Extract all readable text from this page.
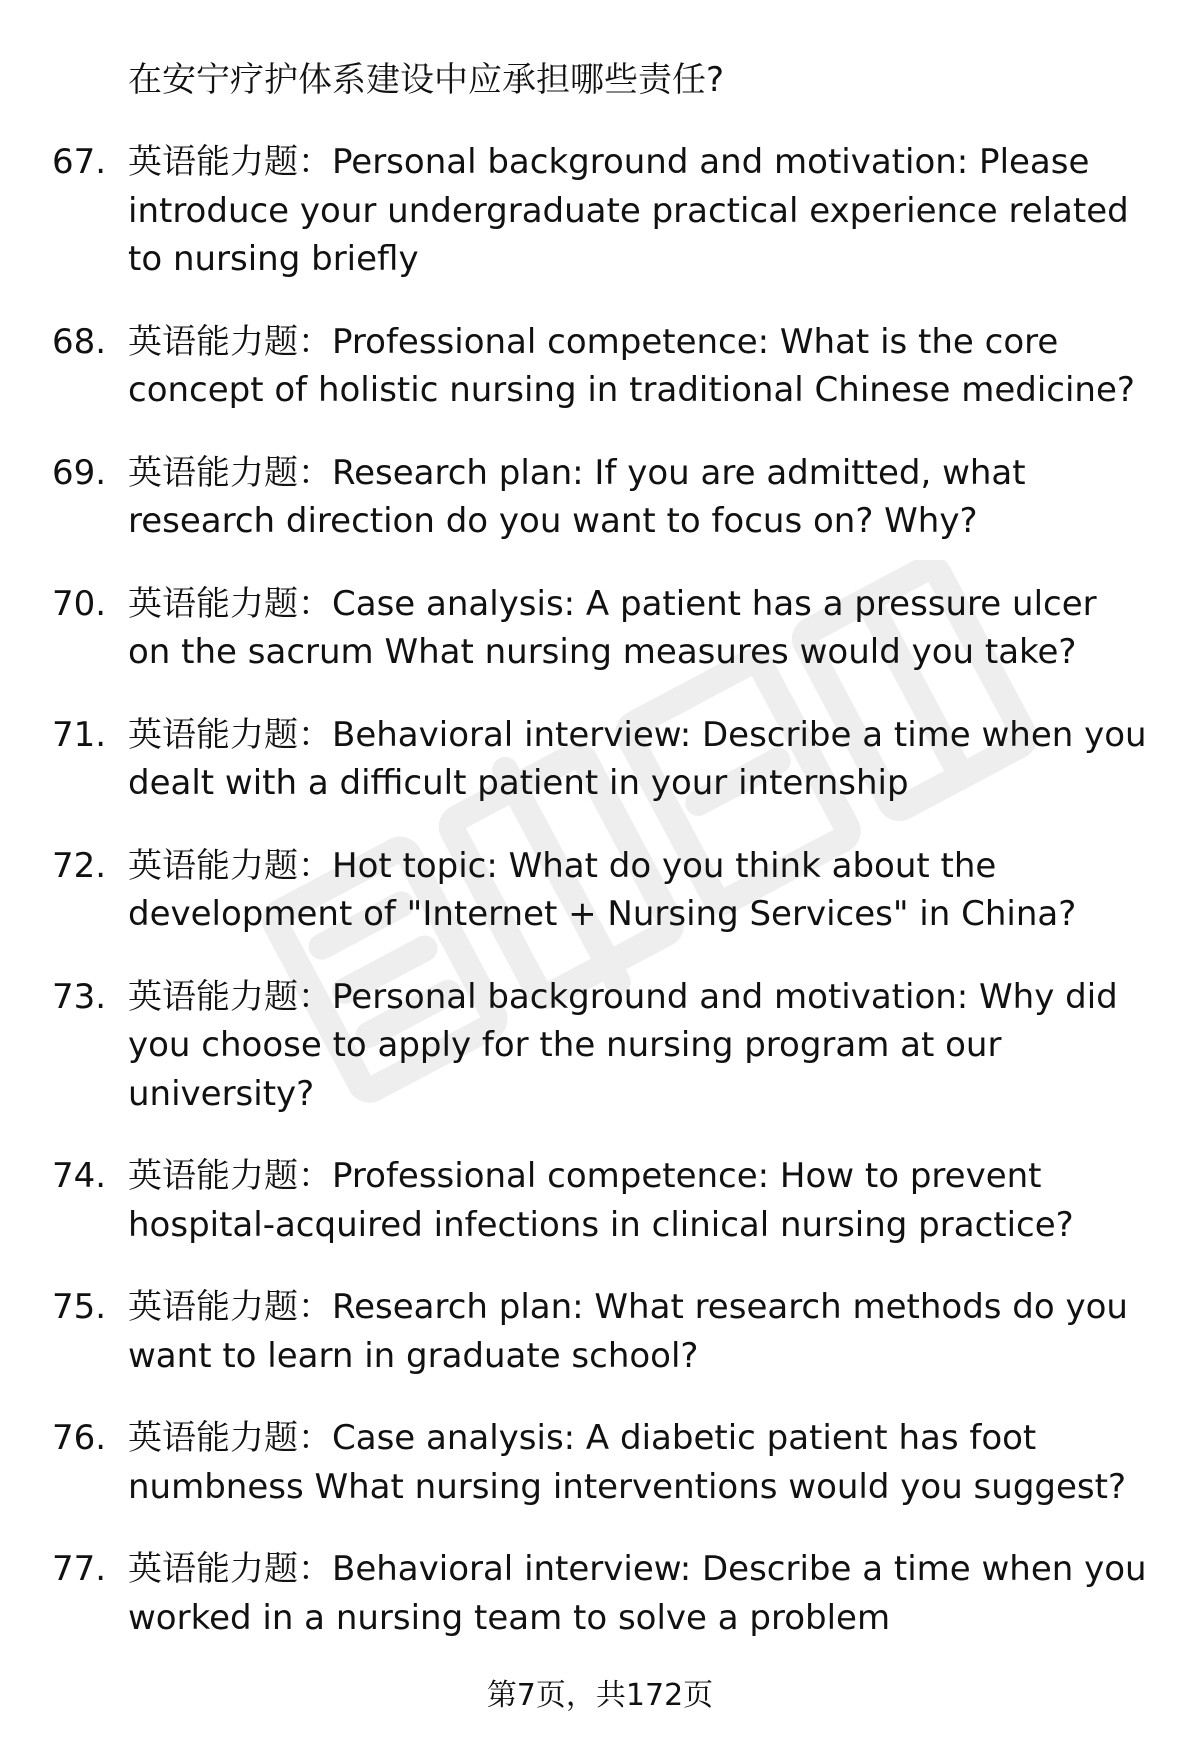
在安宁疗护体系建设中应承担哪些责任?
67. 英语能力题：Personal background and motivation: Please introduce your undergraduate practical experience related to nursing briefly
68. 英语能力题：Professional competence: What is the core concept of holistic nursing in traditional Chinese medicine?
69. 英语能力题：Research plan: If you are admitted, what research direction do you want to focus on? Why?
70. 英语能力题：Case analysis: A patient has a pressure ulcer on the sacrum What nursing measures would you take?
71. 英语能力题：Behavioral interview: Describe a time when you dealt with a difficult patient in your internship
72. 英语能力题：Hot topic: What do you think about the development of "Internet + Nursing Services" in China?
73. 英语能力题：Personal background and motivation: Why did you choose to apply for the nursing program at our university?
74. 英语能力题：Professional competence: How to prevent hospital-acquired infections in clinical nursing practice?
75. 英语能力题：Research plan: What research methods do you want to learn in graduate school?
76. 英语能力题：Case analysis: A diabetic patient has foot numbness What nursing interventions would you suggest?
77. 英语能力题：Behavioral interview: Describe a time when you worked in a nursing team to solve a problem
第7页，共172页
